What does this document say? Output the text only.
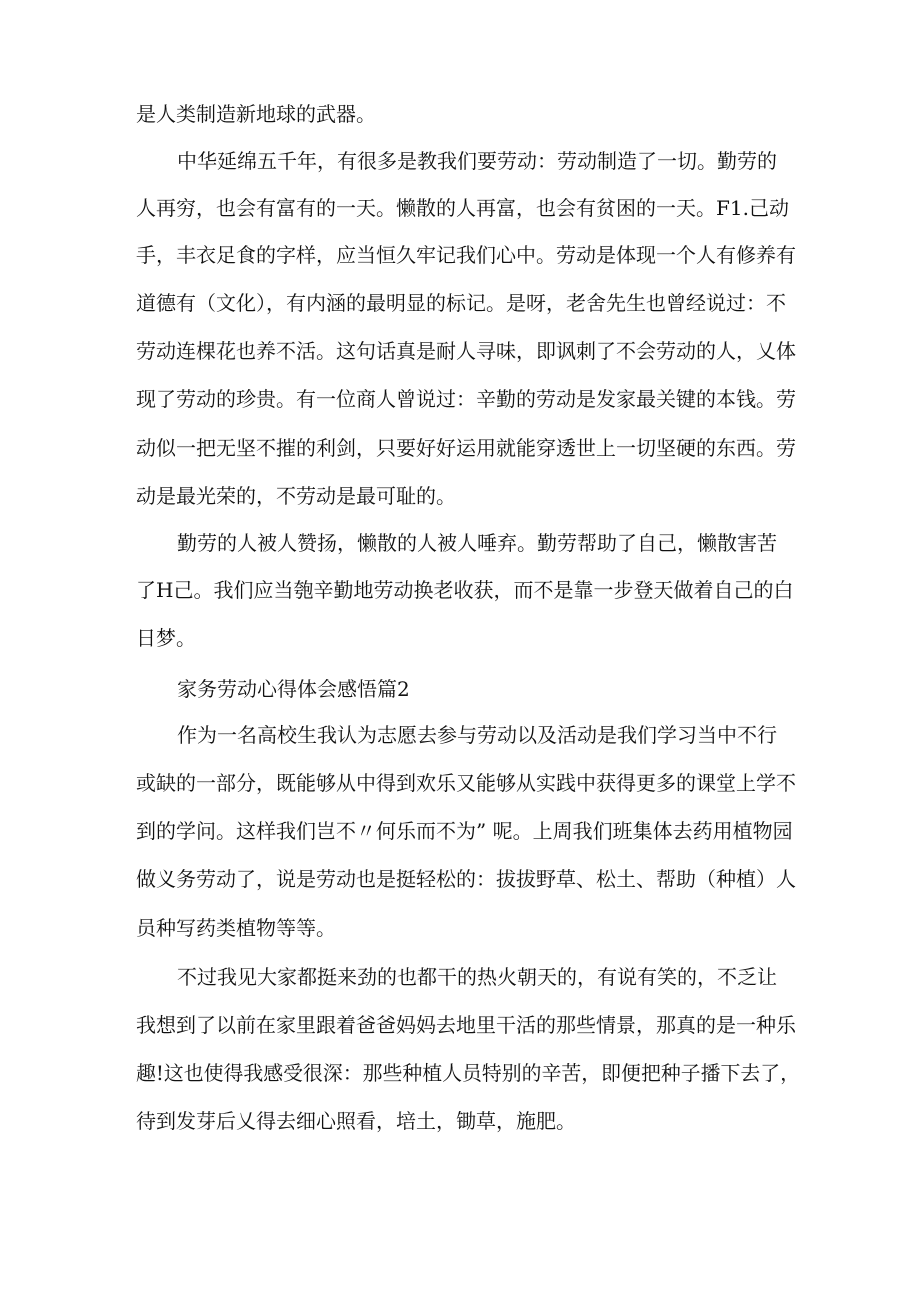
是人类制造新地球的武器。
中华延绵五千年，有很多是教我们要劳动：劳动制造了一切。勤劳的
人再穷，也会有富有的一天。懒散的人再富，也会有贫困的一天。F1.己动
手，丰衣足食的字样，应当恒久牢记我们心中。劳动是体现一个人有修养有
道德有（文化），有内涵的最明显的标记。是呀，老舍先生也曾经说过：不
劳动连棵花也养不活。这句话真是耐人寻味，即讽刺了不会劳动的人，乂体
现了劳动的珍贵。有一位商人曾说过：辛勤的劳动是发家最关键的本钱。劳
动似一把无坚不摧的利剑，只要好好运用就能穿透世上一切坚硬的东西。劳
动是最光荣的，不劳动是最可耻的。
勤劳的人被人赞扬，懒散的人被人唾弃。勤劳帮助了自己，懒散害苦
了H己。我们应当匏辛勤地劳动换老收获，而不是靠一步登天做着自己的白
日梦。
家务劳动心得体会感悟篇2
作为一名高校生我认为志愿去参与劳动以及活动是我们学习当中不行
或缺的一部分，既能够从中得到欢乐又能够从实践中获得更多的课堂上学不
到的学问。这样我们岂不〃何乐而不为” 呢。上周我们班集体去药用植物园
做义务劳动了，说是劳动也是挺轻松的：拔拔野草、松土、帮助（种植）人
员种写药类植物等等。
不过我见大家都挺来劲的也都干的热火朝天的，有说有笑的，不乏让
我想到了以前在家里跟着爸爸妈妈去地里干活的那些情景，那真的是一种乐
趣!这也使得我感受很深：那些种植人员特别的辛苦，即便把种子播下去了，
待到发芽后乂得去细心照看，培土，锄草，施肥。
